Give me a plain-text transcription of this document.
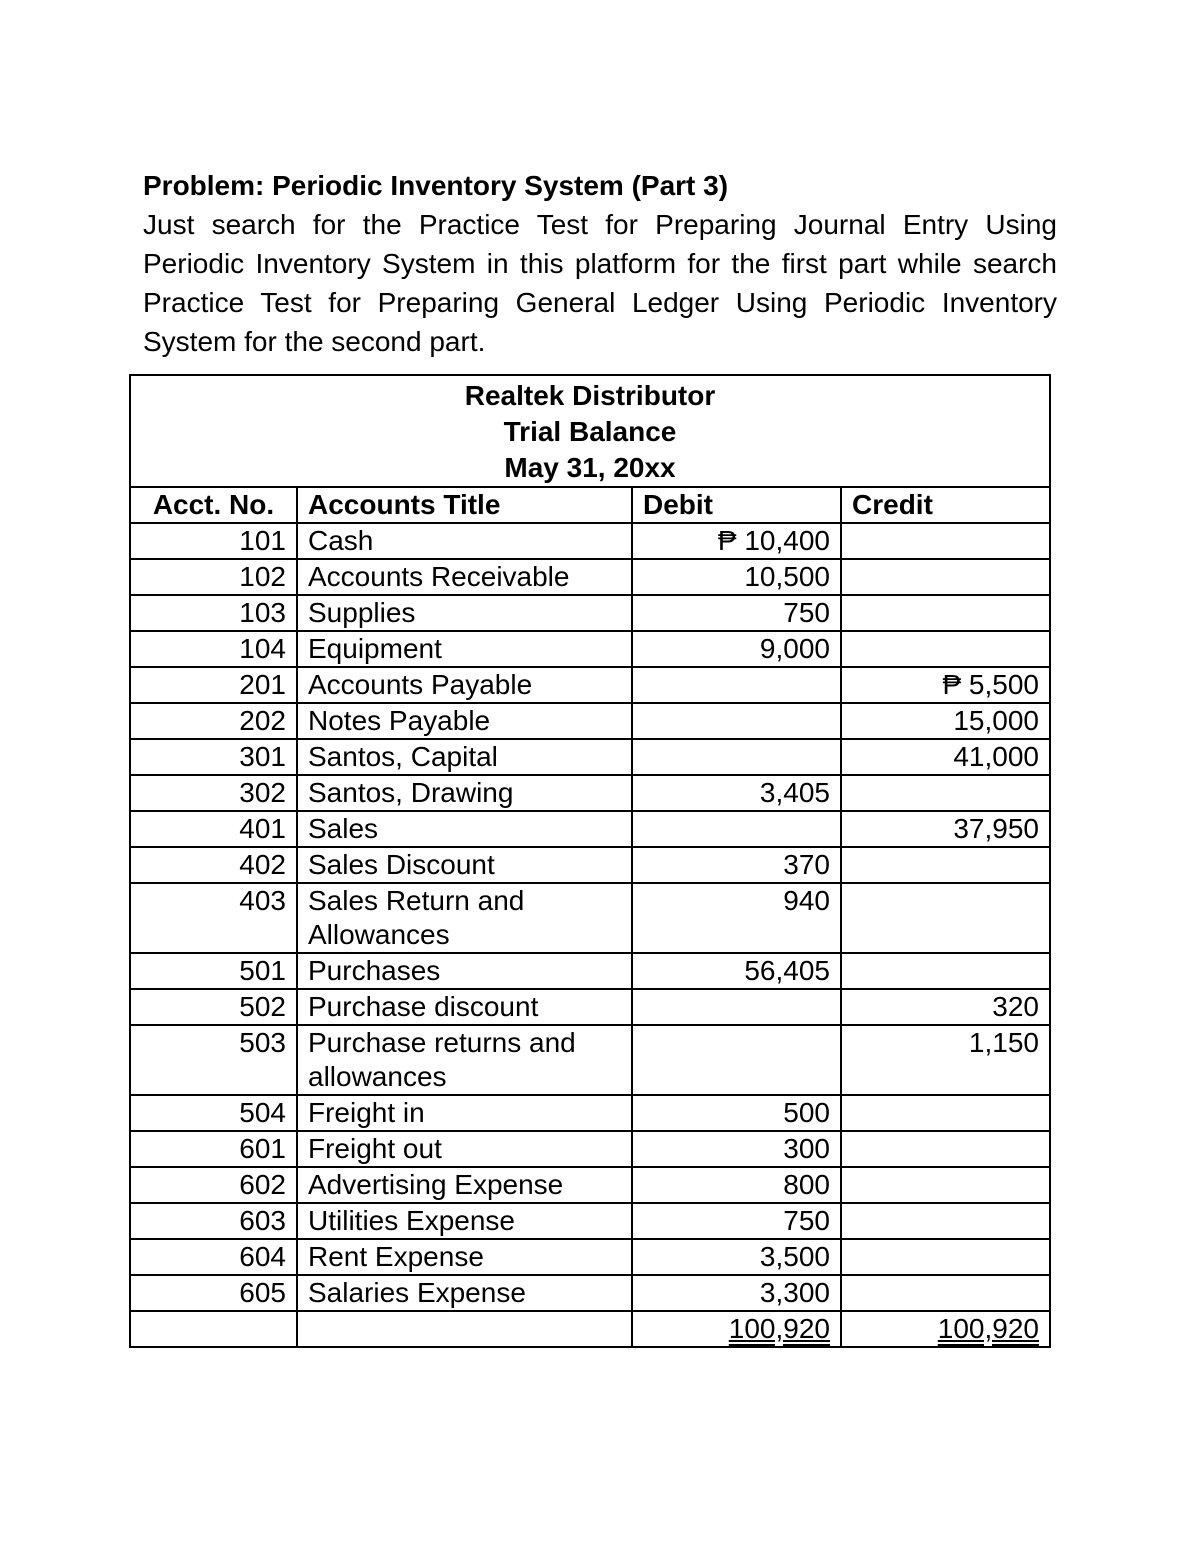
Problem: Periodic Inventory System (Part 3)
Just search for the Practice Test for Preparing Journal Entry Using Periodic Inventory System in this platform for the first part while search Practice Test for Preparing General Ledger Using Periodic Inventory System for the second part.
Realtek Distributor
Trial Balance
May 31, 20xx			

Acct. No.	Accounts Title	Debit	Credit
101	Cash	₱ 10,400	
102	Accounts Receivable	10,500	
103	Supplies	750	
104	Equipment	9,000	
201	Accounts Payable		₱ 5,500
202	Notes Payable		15,000
301	Santos, Capital		41,000
302	Santos, Drawing	3,405	
401	Sales		37,950
402	Sales Discount	370	
403	Sales Return and Allowances	940	
501	Purchases	56,405	
502	Purchase discount		320
503	Purchase returns and allowances		1,150
504	Freight in	500	
601	Freight out	300	
602	Advertising Expense	800	
603	Utilities Expense	750	
604	Rent Expense	3,500	
605	Salaries Expense	3,300	
		100,920	100,920
